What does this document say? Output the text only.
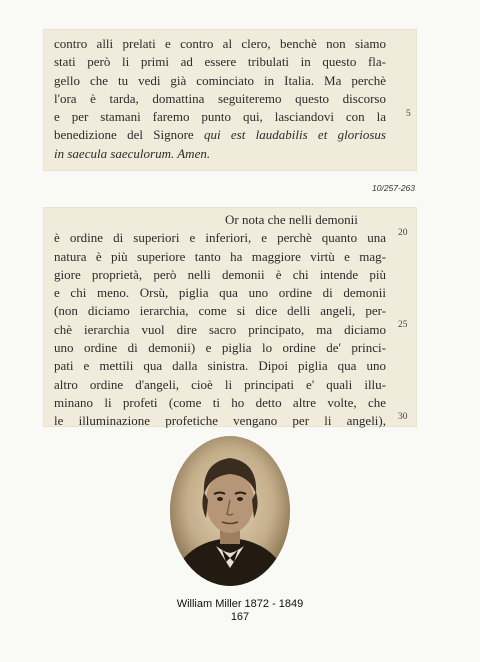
contro alli prelati e contro al clero, benchè non siamo
stati però li primi ad essere tribulati in questo fla-
gello che tu vedi già cominciato in Italia. Ma perchè
l'ora è tarda, domattina seguiteremo questo discorso
e per stamani faremo punto qui, lasciandovi con la
benedizione del Signore qui est laudabilis et gloriosus
in saecula saeculorum. Amen.
5
10/257-263
Or nota che nelli demonii
è ordine di superiori e inferiori, e perchè quanto una
natura è più superiore tanto ha maggiore virtù e mag-
giore proprietà, però nelli demonii è chi intende più
e chi meno. Orsù, piglia qua uno ordine di demonii
(non diciamo ierarchia, come si dice delli angeli, per-
chè ierarchia vuol dire sacro principato, ma diciamo
uno ordine di demonii) e piglia lo ordine de' princi-
pati e mettili qua dalla sinistra. Dipoi piglia qua uno
altro ordine d'angeli, cioè li principati e' quali illu-
minano li profeti (come ti ho detto altre volte, che
le illuminazione profetiche vengano per li angeli),
20
25
30
William Miller 1872 - 1849
167
